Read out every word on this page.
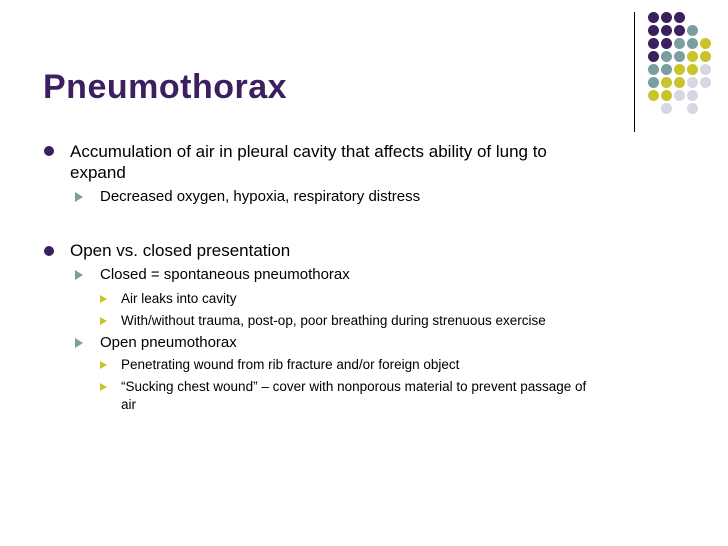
Pneumothorax
Accumulation of air in pleural cavity that affects ability of lung to
expand
Decreased oxygen, hypoxia, respiratory distress
Open vs. closed presentation
Closed = spontaneous pneumothorax
Air leaks into cavity
With/without trauma, post-op, poor breathing during strenuous exercise
Open pneumothorax
Penetrating wound from rib fracture and/or foreign object
“Sucking chest wound” – cover with nonporous material to prevent passage of
air
